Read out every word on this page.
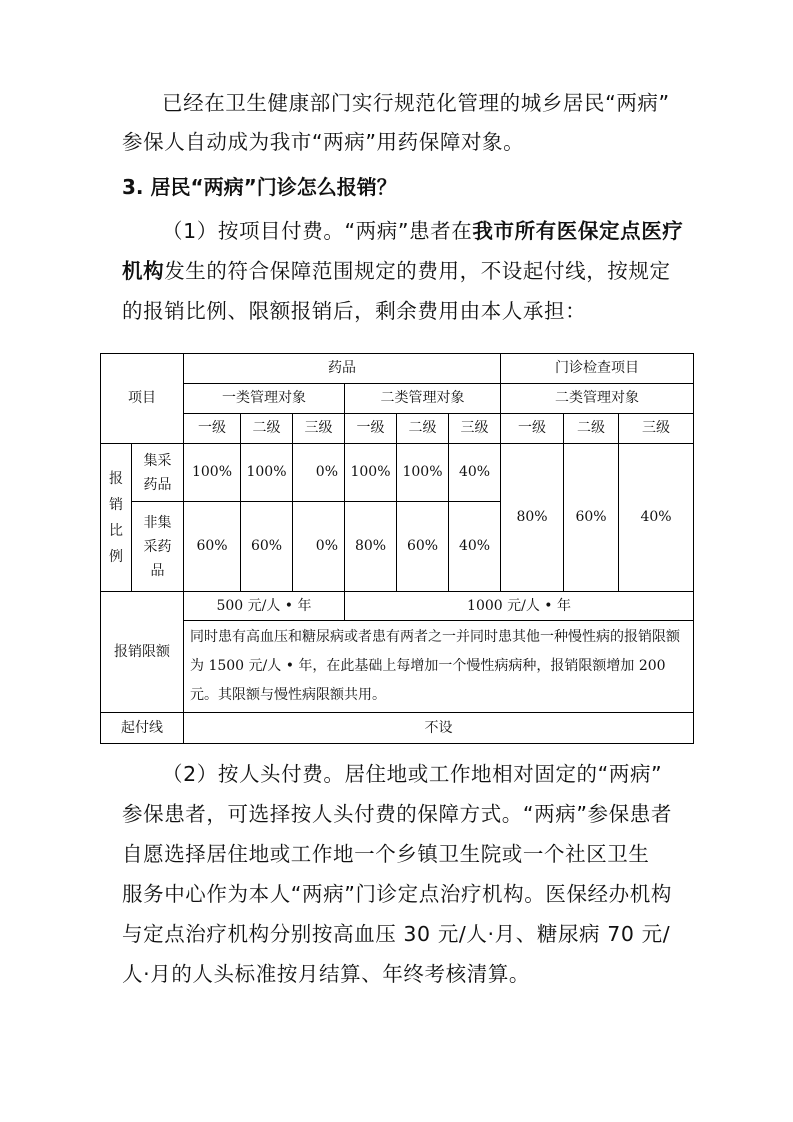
已经在卫生健康部门实行规范化管理的城乡居民“两病”
参保人自动成为我市“两病”用药保障对象。
3. 居民“两病”门诊怎么报销？
（1）按项目付费。“两病”患者在我市所有医保定点医疗
机构发生的符合保障范围规定的费用，不设起付线，按规定
的报销比例、限额报销后，剩余费用由本人承担：
项目		药品						门诊检查项目		
		一类管理对象			二类管理对象			二类管理对象		
		一级	二级	三级	一级	二级	三级	一级	二级	三级
报销比例	集采药品	100%	100%	0%	100%	100%	40%	80%	60%	40%
	非集采药品	60%	60%	0%	80%	60%	40%			
报销限额		500 元/人 • 年			1000 元/人 • 年					
		同时患有高血压和糖尿病或者患有两者之一并同时患其他一种慢性病的报销限额为 1500 元/人 • 年，在此基础上每增加一个慢性病病种，报销限额增加 200 元。其限额与慢性病限额共用。								
起付线		不设								
（2）按人头付费。居住地或工作地相对固定的“两病”
参保患者，可选择按人头付费的保障方式。“两病”参保患者
自愿选择居住地或工作地一个乡镇卫生院或一个社区卫生
服务中心作为本人“两病”门诊定点治疗机构。医保经办机构
与定点治疗机构分别按高血压 30 元/人·月、糖尿病 70 元/
人·月的人头标准按月结算、年终考核清算。
